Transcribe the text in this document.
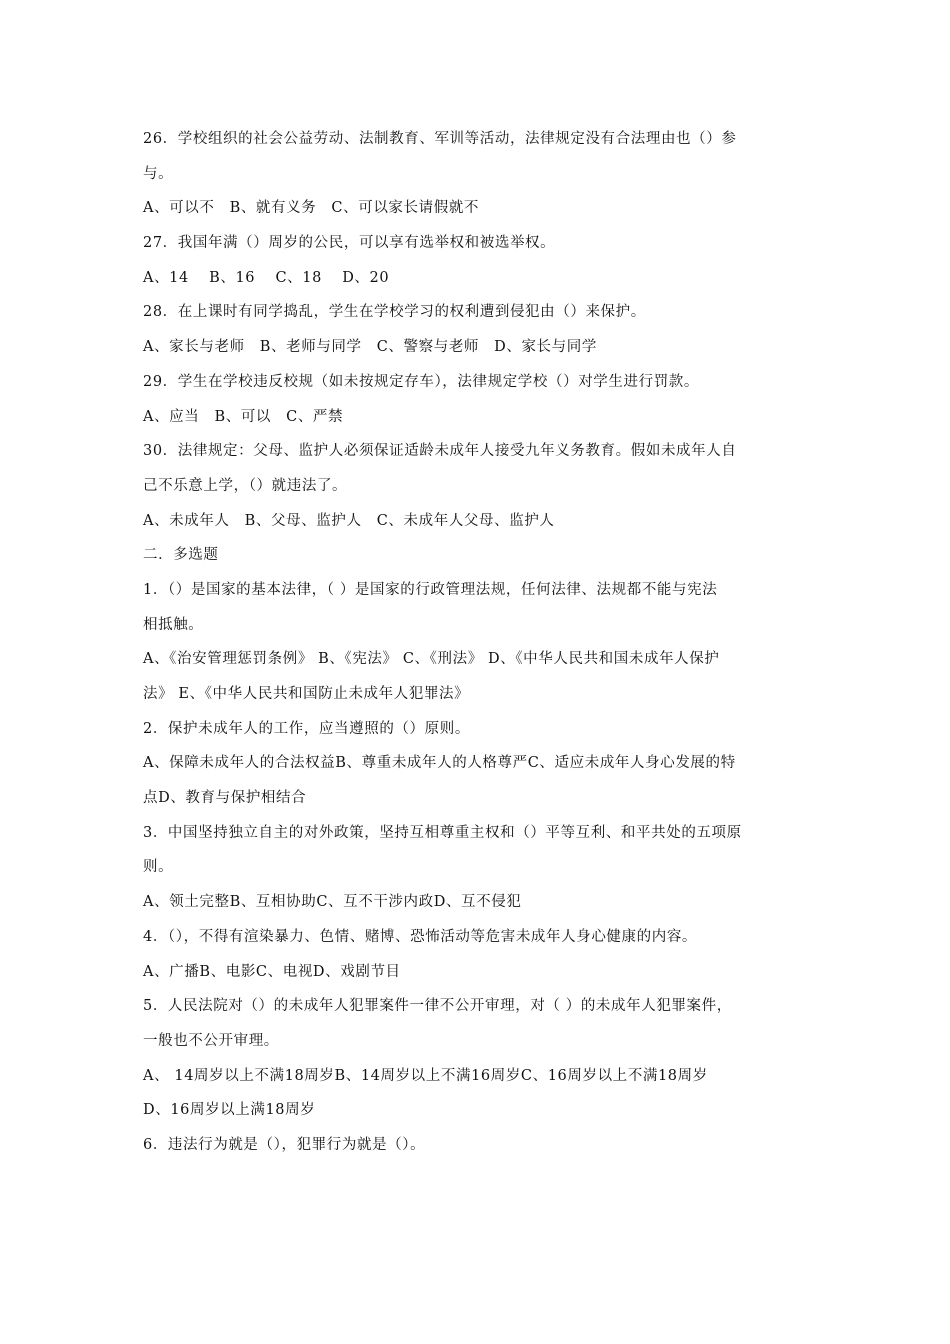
26．学校组织的社会公益劳动、法制教育、军训等活动，法律规定没有合法理由也（）参
与。
A、可以不　B、就有义务　C、可以家长请假就不
27．我国年满（）周岁的公民，可以享有选举权和被选举权。
A、14　 B、16　 C、18　 D、20
28．在上课时有同学捣乱，学生在学校学习的权利遭到侵犯由（）来保护。
A、家长与老师　B、老师与同学　C、警察与老师　D、家长与同学
29．学生在学校违反校规（如未按规定存车），法律规定学校（）对学生进行罚款。
A、应当　B、可以　C、严禁
30．法律规定：父母、监护人必须保证适龄未成年人接受九年义务教育。假如未成年人自
己不乐意上学，（）就违法了。
A、未成年人　B、父母、监护人　C、未成年人父母、监护人
二．多选题
1．（）是国家的基本法律，（ ）是国家的行政管理法规，任何法律、法规都不能与宪法
相抵触。
A、《治安管理惩罚条例》 B、《宪法》 C、《刑法》 D、《中华人民共和国未成年人保护
法》 E、《中华人民共和国防止未成年人犯罪法》
2．保护未成年人的工作，应当遵照的（）原则。
A、保障未成年人的合法权益B、尊重未成年人的人格尊严C、适应未成年人身心发展的特
点D、教育与保护相结合
3．中国坚持独立自主的对外政策，坚持互相尊重主权和（）平等互利、和平共处的五项原
则。
A、领土完整B、互相协助C、互不干涉内政D、互不侵犯
4．（），不得有渲染暴力、色情、赌博、恐怖活动等危害未成年人身心健康的内容。
A、广播B、电影C、电视D、戏剧节目
5．人民法院对（）的未成年人犯罪案件一律不公开审理，对（ ）的未成年人犯罪案件，
一般也不公开审理。
A、 14周岁以上不满18周岁B、14周岁以上不满16周岁C、16周岁以上不满18周岁
D、16周岁以上满18周岁
6．违法行为就是（），犯罪行为就是（）。
